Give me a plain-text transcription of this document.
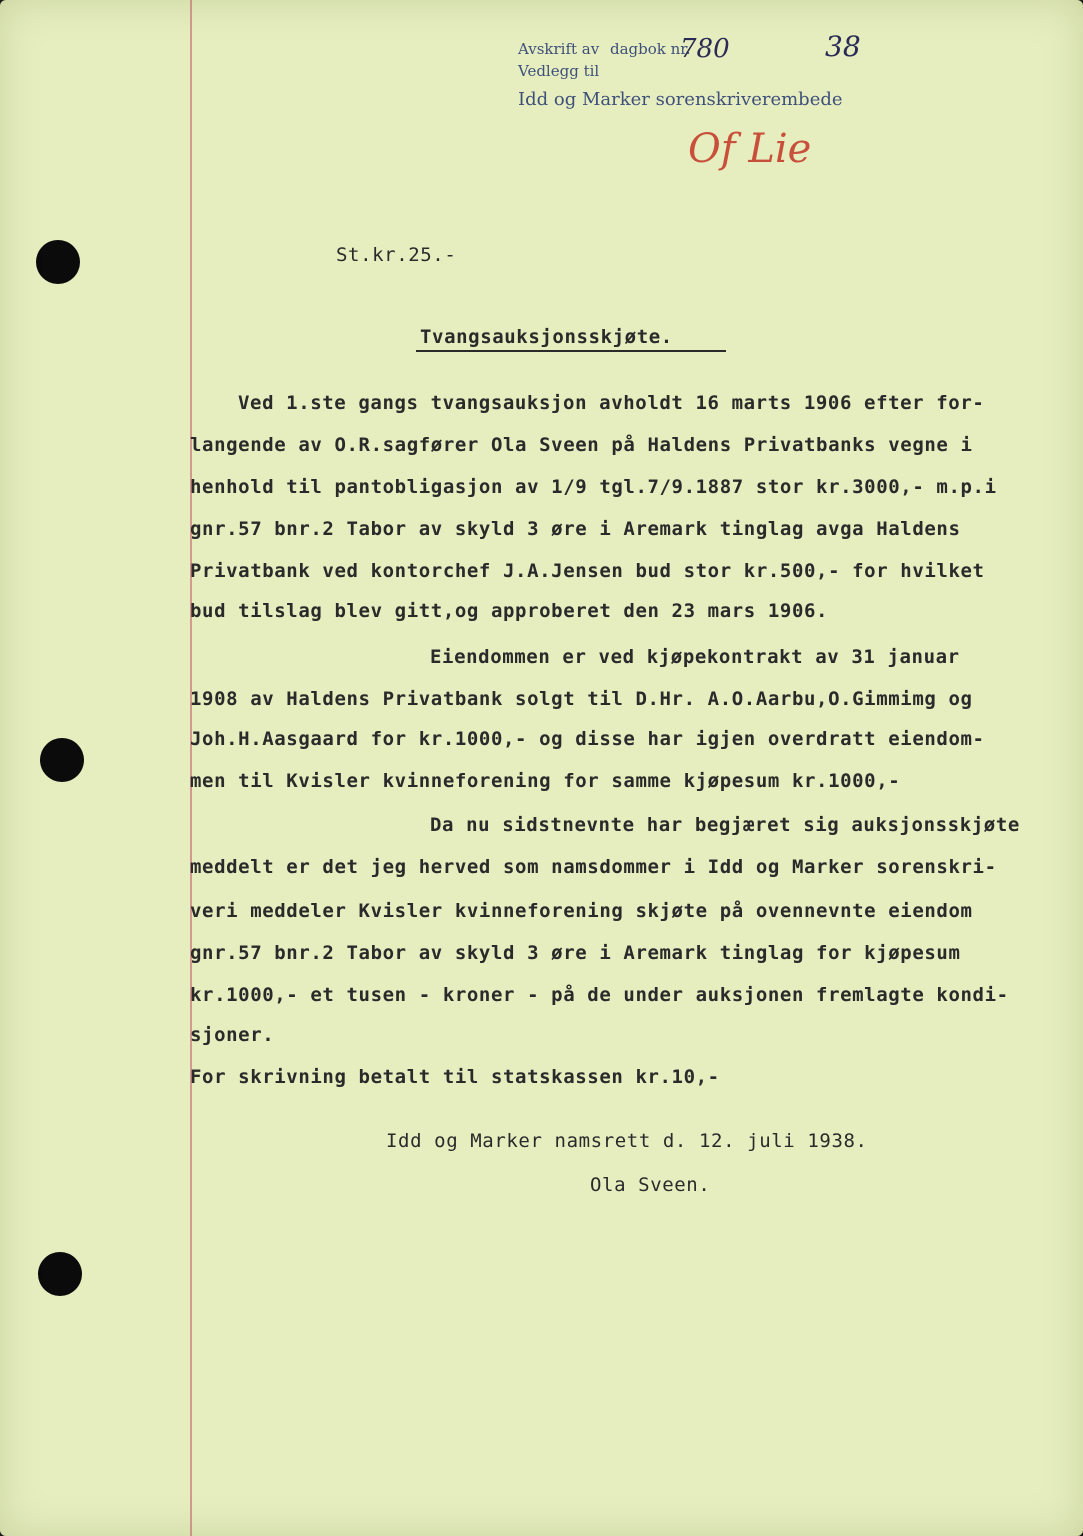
Avskrift av dagbok nr.
Vedlegg til
Idd og Marker sorenskriverembede
780	38
Of Lie
St.kr.25.-
Tvangsauksjonsskjøte.
Ved 1.ste gangs tvangsauksjon avholdt 16 marts 1906 efter for-
langende av O.R.sagfører Ola Sveen på Haldens Privatbanks vegne i
henhold til pantobligasjon av 1/9 tgl.7/9.1887 stor kr.3000,- m.p.i
gnr.57 bnr.2 Tabor av skyld 3 øre i Aremark tinglag avga Haldens
Privatbank ved kontorchef J.A.Jensen bud stor kr.500,- for hvilket
bud tilslag blev gitt,og approberet den 23 mars 1906.
Eiendommen er ved kjøpekontrakt av 31 januar
1908 av Haldens Privatbank solgt til D.Hr. A.O.Aarbu,O.Gimmimg og
Joh.H.Aasgaard for kr.1000,- og disse har igjen overdratt eiendom-
men til Kvisler kvinneforening for samme kjøpesum kr.1000,-
Da nu sidstnevnte har begjæret sig auksjonsskjøte
meddelt er det jeg herved som namsdommer i Idd og Marker sorenskri-
veri meddeler Kvisler kvinneforening skjøte på ovennevnte eiendom
gnr.57 bnr.2 Tabor av skyld 3 øre i Aremark tinglag for kjøpesum
kr.1000,- et tusen - kroner - på de under auksjonen fremlagte kondi-
sjoner.
For skrivning betalt til statskassen kr.10,-
Idd og Marker namsrett d. 12. juli 1938.
Ola Sveen.
